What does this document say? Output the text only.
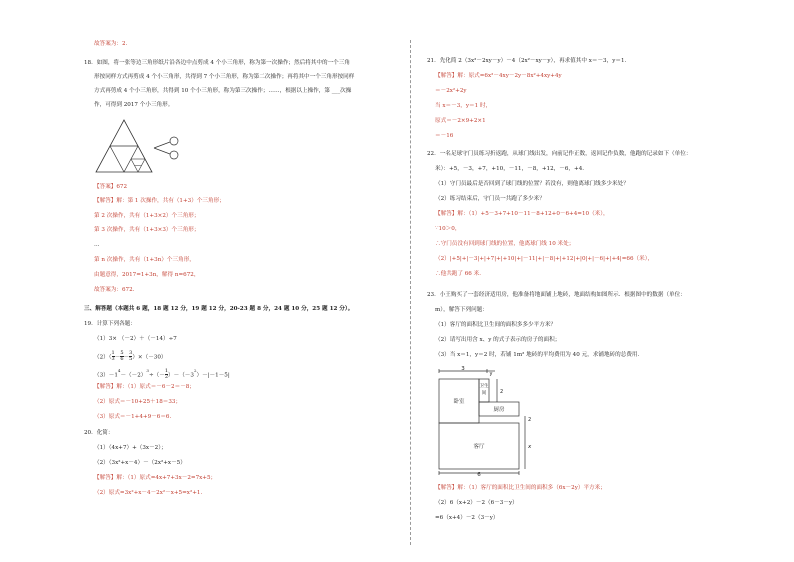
故答案为：2.
18．如图，将一张等边三角形纸片沿各边中点剪成 4 个小三角形，称为第一次操作；然后将其中的一个三角
形按同样方式再剪成 4 个小三角形，共得到 7 个小三角形，称为第二次操作；再将其中一个三角形按同样
方式再剪成 4 个小三角形，共得到 10 个小三角形，称为第三次操作；……，根据以上操作，第 ___次操
作，可得到 2017 个小三角形。
【答案】672
【解答】解：第 1 次操作，共有（1+3）个三角形；
第 2 次操作，共有（1+3×2）个三角形；
第 3 次操作，共有（1+3×3）个三角形；
…
第 n 次操作，共有（1+3n）个三角形，
由题意得，2017=1+3n，解得 n=672，
故答案为：672.
三、解答题（本题共 6 题，18 题 12 分，19 题 12 分，20-23 题 8 分，24 题 10 分，25 题 12 分）。
19．计算下列各题：
（1）3× （－2）＋（－14）÷7
$(2)( \frac{1}{3} - \frac{5}{6} - \frac{3}{5} )\times(-30)$
$(3)-1^4-(-2)^3\div(- \frac{1}{2} )-(-3^2)-|-1-5|$
【解答】解：（1）原式＝－6－2＝－8；
（2）原式＝－10+25＋18＝33；
（3）原式＝－1+4+9－6＝6.
20．化简：
（1）（4x+7）+（3x－2）；
（2）（3x²+x－4）－（2x²+x－5）
【解答】解：（1）原式=4x+7+3x－2=7x+5；
（2）原式=3x²+x－4－2x²－x+5=x²+1.
21．先化简 2（3x²－2xy－y）－4（2x²－xy－y），再求值其中 x＝－3，y＝1．
【解答】解：原式=6x²－4xy－2y－8x²+4xy+4y
＝－2x²+2y
当 x＝－3，y＝1 时，
原式＝－2×9+2×1
＝－16
22．一名足球守门员练习折返跑，从球门线出发，向前记作正数，返回记作负数，他跑的记录如下（单位：
米）：+5，－3，+7，+10，－11，－8，+12，－6，+4.
（1）守门员最后是否回到了球门线的位置？若没有，则他离球门线多少米处？
（2）练习结束后，守门员一共跑了多少米？
【解答】解：（1）+5－3+7+10－11－8+12+0－6+4=10（米），
∵10＞0，
∴守门员没有回到球门线的位置，他离球门线 10 米处；
（2）|+5|+|－3|+|+7|+|+10|+|－11|+|－8|+|+12|+|0|+|－6|+|+4|=66（米），
∴他共跑了 66 米.
23．小王购买了一套经济适用房，他准备将地面铺上地砖，地面结构如图所示．根据图中的数据（单位：
m），解答下列问题：
（1）客厅的面积比卫生间的面积多多少平方米？
（2）请写出用含 x、y 的式子表示的房子的面积；
（3）当 x＝1，y＝2 时，若铺 1m² 地砖的平均费用为 40 元，求铺地砖的总费用．
3
y
卧室
卫生
间	2
厨房
2
客厅	x
6
【解答】解：（1）客厅的面积比卫生间的面积多（6x－2y）平方米；
（2）6（x+2）－2（6－3－y）
=6（x+4）－2（3－y）
